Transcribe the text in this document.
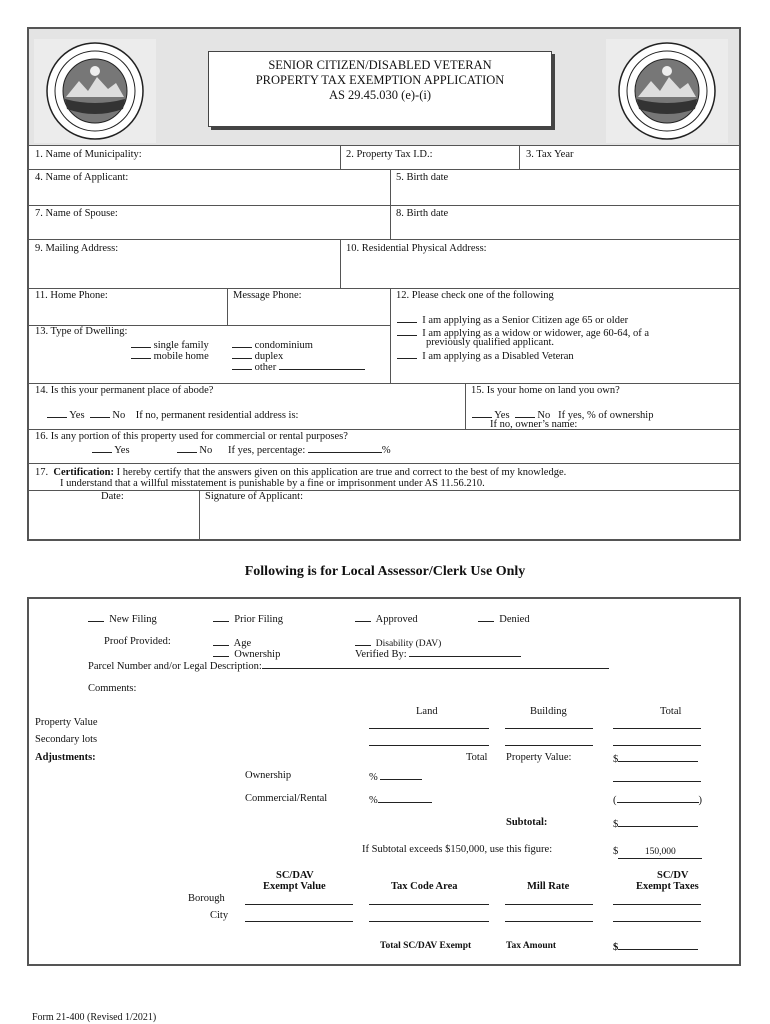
SENIOR CITIZEN/DISABLED VETERAN
PROPERTY TAX EXEMPTION APPLICATION
AS 29.45.030 (e)-(i)
1. Name of Municipality:	2. Property Tax I.D.:	3. Tax Year
4. Name of Applicant:	5. Birth date
7. Name of Spouse:	8. Birth date
9. Mailing Address:	10. Residential Physical Address:
11. Home Phone:	Message Phone:	12. Please check one of the following
I am applying as a Senior Citizen age 65 or older
I am applying as a widow or widower, age 60-64, of a
previously qualified applicant.
I am applying as a Disabled Veteran
13. Type of Dwelling:
single family
mobile home
condominium
duplex
other
14. Is this your permanent place of abode?
Yes	No If no, permanent residential address is:
15. Is your home on land you own?
Yes	No If yes, % of ownership
If no, owner’s name:
16. Is any portion of this property used for commercial or rental purposes?
Yes	No If yes, percentage:	%
17. Certification: I hereby certify that the answers given on this application are true and correct to the best of my knowledge.
I understand that a willful misstatement is punishable by a fine or imprisonment under AS 11.56.210.
Date:	Signature of Applicant:
Following is for Local Assessor/Clerk Use Only
New Filing	Prior Filing	Approved	Denied
Proof Provided:	Age
Ownership
Disability (DAV)
Verified By:
Parcel Number and/or Legal Description:
Comments:
Land	Building	Total
Property Value
Secondary lots
Adjustments:	Total Property Value:	$
Ownership	%
Commercial/Rental	%	(	)
Subtotal:	$
If Subtotal exceeds $150,000, use this figure:	$	150,000
SC/DAV
Exempt Value	Tax Code Area	Mill Rate
SC/DV
Exempt Taxes
Borough
City
Total SC/DAV Exempt	Tax Amount	$
Form 21-400 (Revised 1/2021)
